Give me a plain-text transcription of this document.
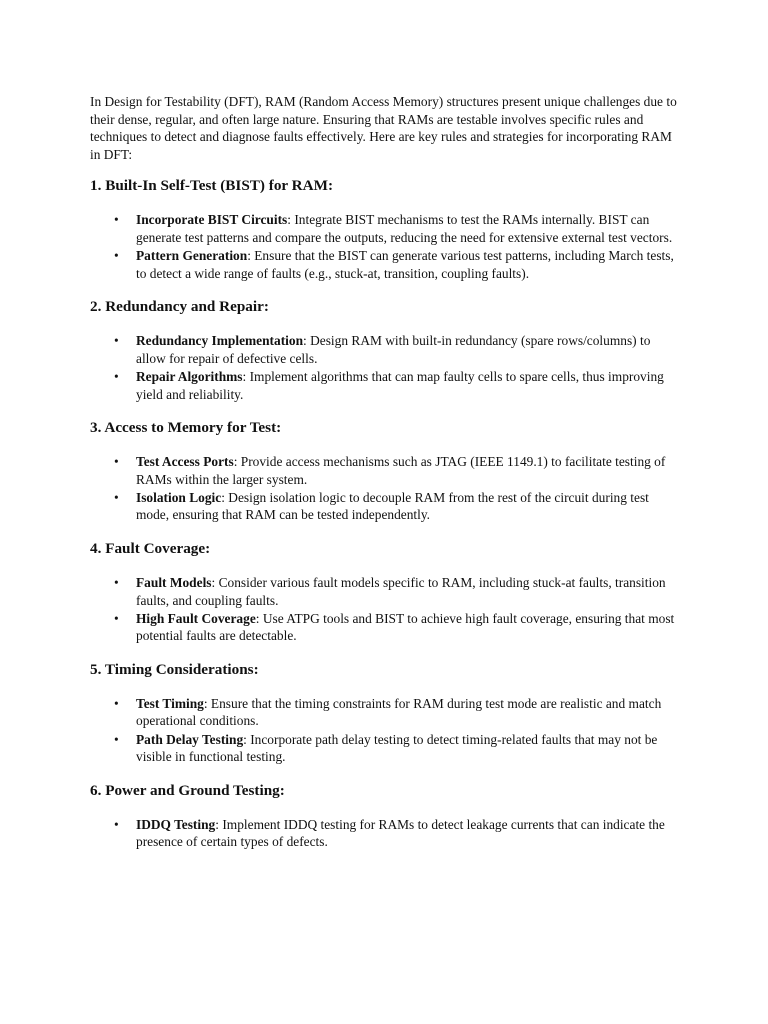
In Design for Testability (DFT), RAM (Random Access Memory) structures present unique challenges due to their dense, regular, and often large nature. Ensuring that RAMs are testable involves specific rules and techniques to detect and diagnose faults effectively. Here are key rules and strategies for incorporating RAM in DFT:

1. Built-In Self-Test (BIST) for RAM:
• Incorporate BIST Circuits: Integrate BIST mechanisms to test the RAMs internally. BIST can generate test patterns and compare the outputs, reducing the need for extensive external test vectors.
• Pattern Generation: Ensure that the BIST can generate various test patterns, including March tests, to detect a wide range of faults (e.g., stuck-at, transition, coupling faults).
2. Redundancy and Repair:
• Redundancy Implementation: Design RAM with built-in redundancy (spare rows/columns) to allow for repair of defective cells.
• Repair Algorithms: Implement algorithms that can map faulty cells to spare cells, thus improving yield and reliability.
3. Access to Memory for Test:
• Test Access Ports: Provide access mechanisms such as JTAG (IEEE 1149.1) to facilitate testing of RAMs within the larger system.
• Isolation Logic: Design isolation logic to decouple RAM from the rest of the circuit during test mode, ensuring that RAM can be tested independently.
4. Fault Coverage:
• Fault Models: Consider various fault models specific to RAM, including stuck-at faults, transition faults, and coupling faults.
• High Fault Coverage: Use ATPG tools and BIST to achieve high fault coverage, ensuring that most potential faults are detectable.
5. Timing Considerations:
• Test Timing: Ensure that the timing constraints for RAM during test mode are realistic and match operational conditions.
• Path Delay Testing: Incorporate path delay testing to detect timing-related faults that may not be visible in functional testing.
6. Power and Ground Testing:
• IDDQ Testing: Implement IDDQ testing for RAMs to detect leakage currents that can indicate the presence of certain types of defects.
